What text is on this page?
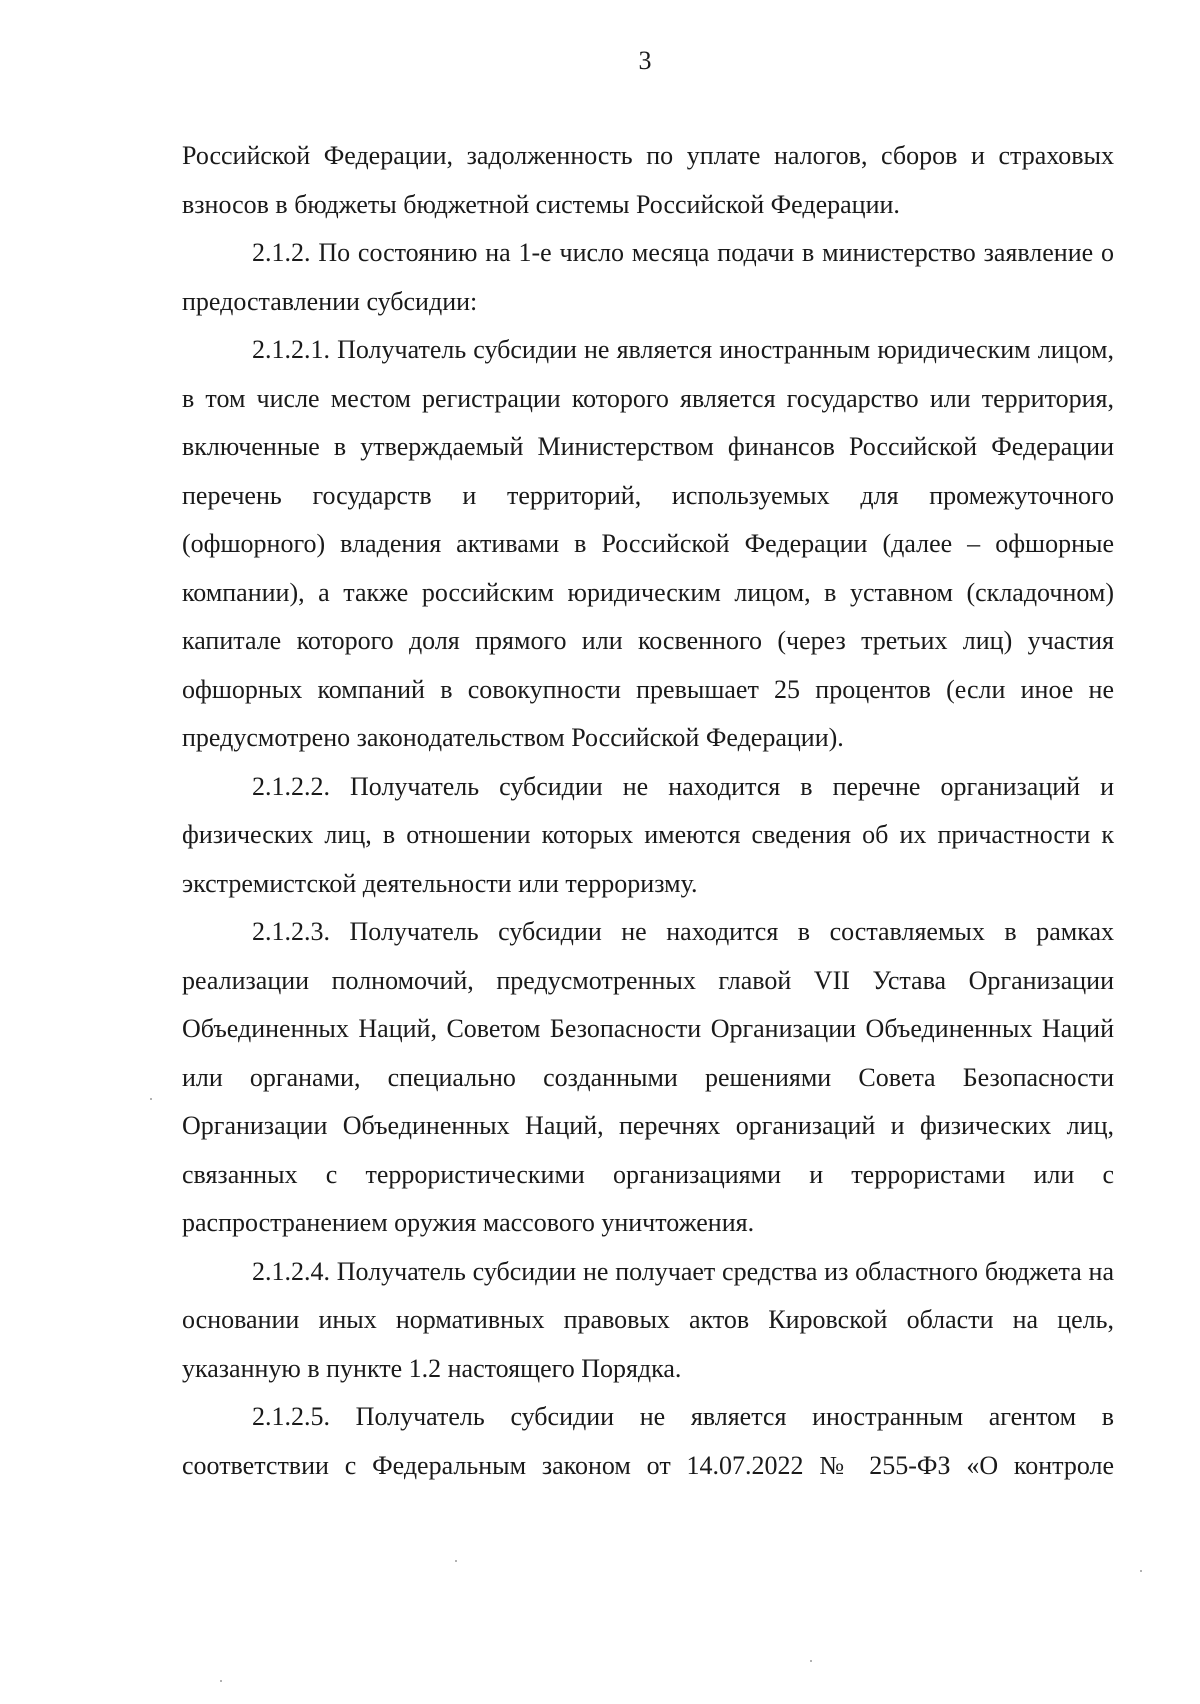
3

Российской Федерации, задолженность по уплате налогов, сборов и страховых взносов в бюджеты бюджетной системы Российской Федерации.

2.1.2. По состоянию на 1-е число месяца подачи в министерство заявление о предоставлении субсидии:

2.1.2.1. Получатель субсидии не является иностранным юридическим лицом, в том числе местом регистрации которого является государство или территория, включенные в утверждаемый Министерством финансов Российской Федерации перечень государств и территорий, используемых для промежуточного (офшорного) владения активами в Российской Федерации (далее – офшорные компании), а также российским юридическим лицом, в уставном (складочном) капитале которого доля прямого или косвенного (через третьих лиц) участия офшорных компаний в совокупности превышает 25 процентов (если иное не предусмотрено законодательством Российской Федерации).

2.1.2.2. Получатель субсидии не находится в перечне организаций и физических лиц, в отношении которых имеются сведения об их причастности к экстремистской деятельности или терроризму.

2.1.2.3. Получатель субсидии не находится в составляемых в рамках реализации полномочий, предусмотренных главой VII Устава Организации Объединенных Наций, Советом Безопасности Организации Объединенных Наций или органами, специально созданными решениями Совета Безопасности Организации Объединенных Наций, перечнях организаций и физических лиц, связанных с террористическими организациями и террористами или с распространением оружия массового уничтожения.

2.1.2.4. Получатель субсидии не получает средства из областного бюджета на основании иных нормативных правовых актов Кировской области на цель, указанную в пункте 1.2 настоящего Порядка.

2.1.2.5. Получатель субсидии не является иностранным агентом в соответствии с Федеральным законом от 14.07.2022 № 255-ФЗ «О контроле
